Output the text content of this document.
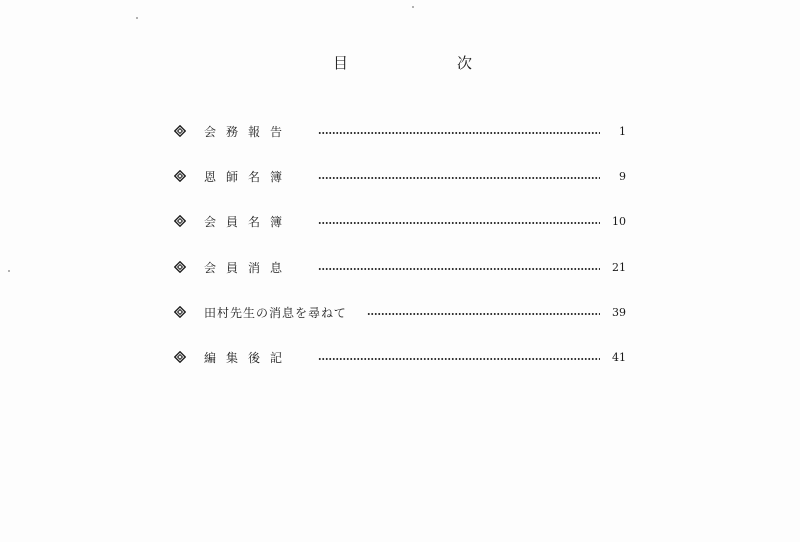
目	次
会務報告	1
恩師名簿	9
会員名簿	10
会員消息	21
田村先生の消息を尋ねて	39
編集後記	41
